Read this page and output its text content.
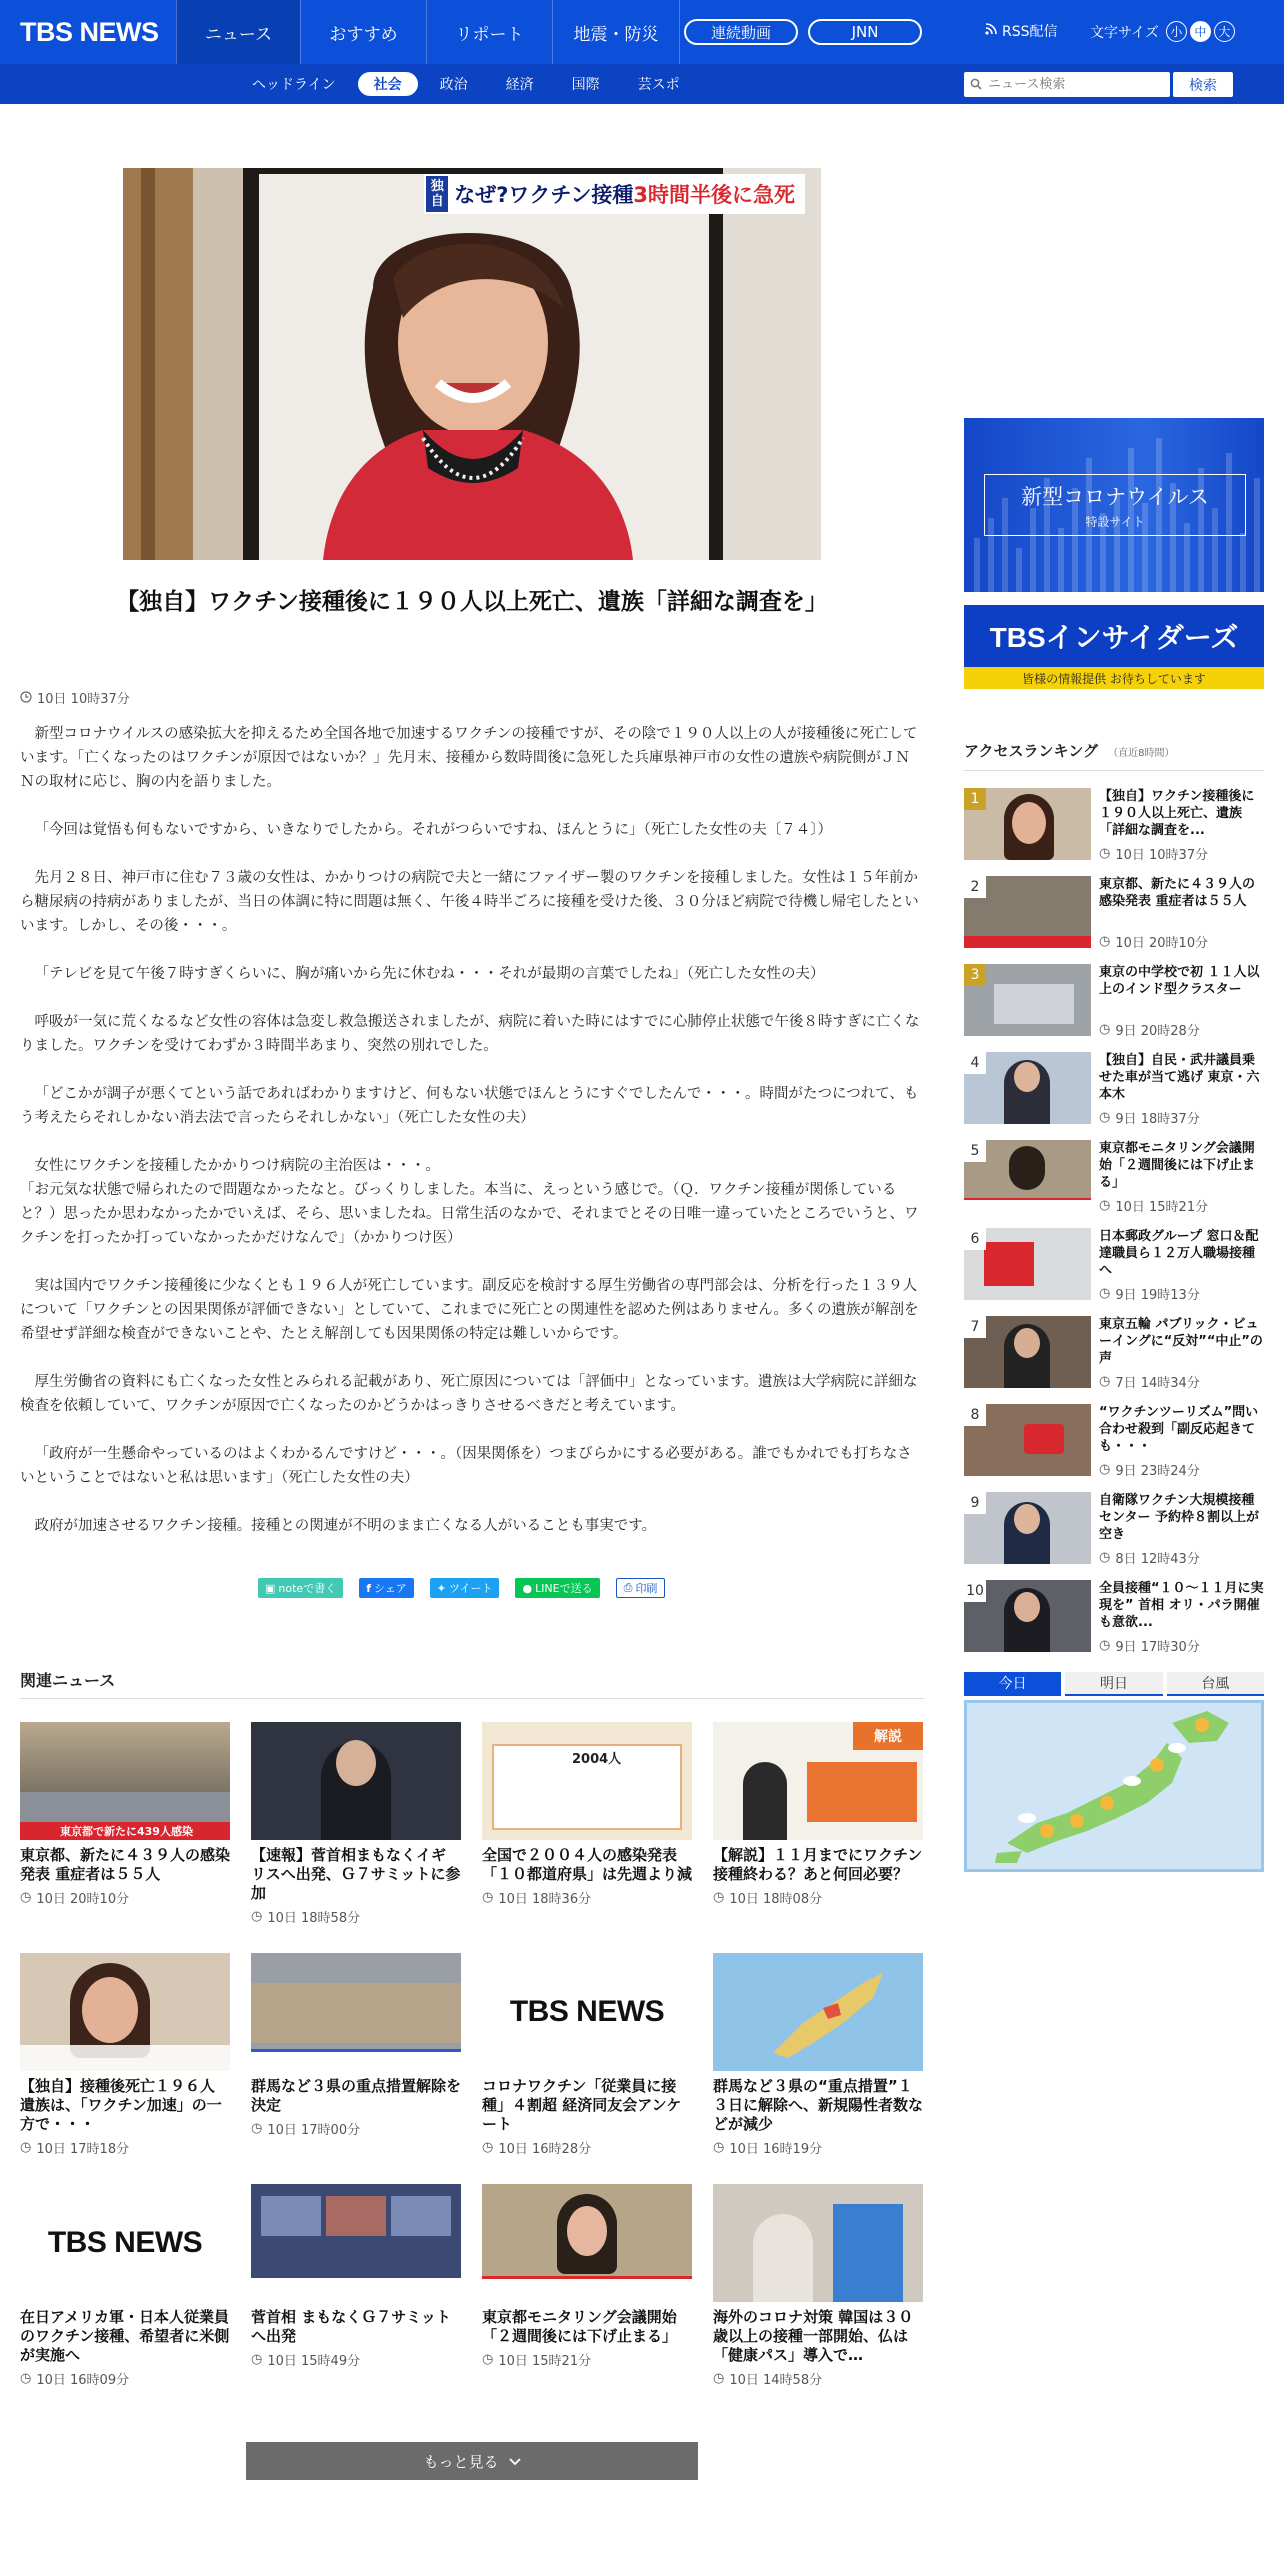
TBS NEWS	ニュース	おすすめ	リポート	地震・防災	連続動画	JNN	RSS配信 文字サイズ 小 中 大
ヘッドライン	社会	政治	経済	国際	芸スポ
ニュース検索	検索
独自 なぜ?ワクチン接種 3時間半後に急死
【独自】ワクチン接種後に１９０人以上死亡、遺族「詳細な調査を」
10日 10時37分

新型コロナウイルスの感染拡大を抑えるため全国各地で加速するワクチンの接種ですが、その陰で１９０人以上の人が接種後に死亡しています。「亡くなったのはワクチンが原因ではないか？」先月末、接種から数時間後に急死した兵庫県神戸市の女性の遺族や病院側がＪＮＮの取材に応じ、胸の内を語りました。

「今回は覚悟も何もないですから、いきなりでしたから。それがつらいですね、ほんとうに」（死亡した女性の夫〔７４〕）

先月２８日、神戸市に住む７３歳の女性は、かかりつけの病院で夫と一緒にファイザー製のワクチンを接種しました。女性は１５年前から糖尿病の持病がありましたが、当日の体調に特に問題は無く、午後４時半ごろに接種を受けた後、３０分ほど病院で待機し帰宅したといいます。しかし、その後・・・。

「テレビを見て午後７時すぎくらいに、胸が痛いから先に休むね・・・それが最期の言葉でしたね」（死亡した女性の夫）

呼吸が一気に荒くなるなど女性の容体は急変し救急搬送されましたが、病院に着いた時にはすでに心肺停止状態で午後８時すぎに亡くなりました。ワクチンを受けてわずか３時間半あまり、突然の別れでした。

「どこかが調子が悪くてという話であればわかりますけど、何もない状態でほんとうにすぐでしたんで・・・。時間がたつにつれて、もう考えたらそれしかない消去法で言ったらそれしかない」（死亡した女性の夫）

女性にワクチンを接種したかかりつけ病院の主治医は・・・。
「お元気な状態で帰られたので問題なかったなと。びっくりしました。本当に、えっという感じで。（Ｑ．ワクチン接種が関係していると？）思ったか思わなかったかでいえば、そら、思いましたね。日常生活のなかで、それまでとその日唯一違っていたところでいうと、ワクチンを打ったか打っていなかったかだけなんで」（かかりつけ医）

実は国内でワクチン接種後に少なくとも１９６人が死亡しています。副反応を検討する厚生労働省の専門部会は、分析を行った１３９人について「ワクチンとの因果関係が評価できない」としていて、これまでに死亡との関連性を認めた例はありません。多くの遺族が解剖を希望せず詳細な検査ができないことや、たとえ解剖しても因果関係の特定は難しいからです。

厚生労働省の資料にも亡くなった女性とみられる記載があり、死亡原因については「評価中」となっています。遺族は大学病院に詳細な検査を依頼していて、ワクチンが原因で亡くなったのかどうかはっきりさせるべきだと考えています。

「政府が一生懸命やっているのはよくわかるんですけど・・・。（因果関係を）つまびらかにする必要がある。誰でもかれでも打ちなさいということではないと私は思います」（死亡した女性の夫）

政府が加速させるワクチン接種。接種との関連が不明のまま亡くなる人がいることも事実です。

▣ noteで書く	f シェア	✦ ツイート	● LINEで送る	⎙ 印刷
関連ニュース
東京都で新たに439人感染
東京都、新たに４３９人の感染発表 重症者は５５人
◷ 10日 20時10分
【速報】菅首相まもなくイギリスへ出発、Ｇ７サミットに参加
◷ 10日 18時58分
2004人
全国で２００４人の感染発表 「１０都道府県」は先週より減
◷ 10日 18時36分
解説
【解説】１１月までにワクチン接種終わる？あと何回必要？
◷ 10日 18時08分
【独自】接種後死亡１９６人 遺族は、「ワクチン加速」の一方で・・・
◷ 10日 17時18分
群馬など３県の重点措置解除を決定
◷ 10日 17時00分
TBS NEWS
コロナワクチン「従業員に接種」４割超 経済同友会アンケート
◷ 10日 16時28分
群馬など３県の“重点措置”１３日に解除へ、新規陽性者数などが減少
◷ 10日 16時19分
TBS NEWS
在日アメリカ軍・日本人従業員のワクチン接種、希望者に米側が実施へ
◷ 10日 16時09分
菅首相 まもなくＧ７サミットへ出発
◷ 10日 15時49分
東京都モニタリング会議開始「２週間後には下げ止まる」
◷ 10日 15時21分
海外のコロナ対策 韓国は３０歳以上の接種一部開始、仏は「健康パス」導入で…
◷ 10日 14時58分
もっと見る
新型コロナウイルス
特設サイト
TBSインサイダーズ
皆様の情報提供 お待ちしています
アクセスランキング （直近8時間）
1	【独自】ワクチン接種後に１９０人以上死亡、遺族「詳細な調査を...
◷ 10日 10時37分
2	東京都、新たに４３９人の感染発表 重症者は５５人
◷ 10日 20時10分
3	東京の中学校で初 １１人以上のインド型クラスター
◷ 9日 20時28分
4	【独自】自民・武井議員乗せた車が当て逃げ 東京・六本木
◷ 9日 18時37分
5	東京都モニタリング会議開始「２週間後には下げ止まる」
◷ 10日 15時21分
6	日本郵政グループ 窓口＆配達職員ら１２万人職場接種へ
◷ 9日 19時13分
7	東京五輪 パブリック・ビューイングに“反対”“中止”の声
◷ 7日 14時34分
8	“ワクチンツーリズム”問い合わせ殺到「副反応起きても・・・
◷ 9日 23時24分
9	自衛隊ワクチン大規模接種センター 予約枠８割以上が空き
◷ 8日 12時43分
10	全員接種“１０～１１月に実現を” 首相 オリ・パラ開催も意欲...
◷ 9日 17時30分
今日	明日	台風
